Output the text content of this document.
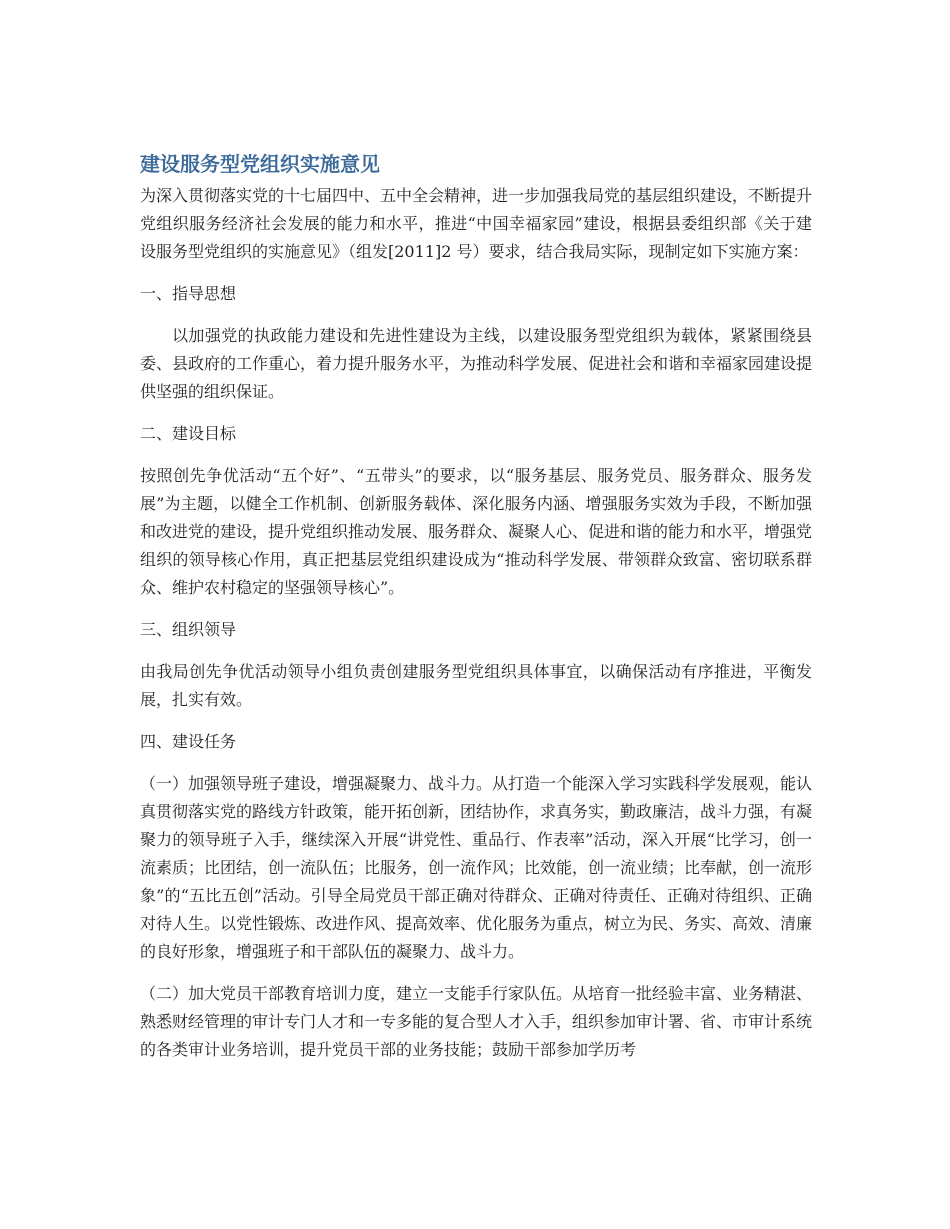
建设服务型党组织实施意见

为深入贯彻落实党的十七届四中、五中全会精神，进一步加强我局党的基层组织建设，不断提升党组织服务经济社会发展的能力和水平，推进“中国幸福家园”建设，根据县委组织部《关于建设服务型党组织的实施意见》（组发[2011]2 号）要求，结合我局实际，现制定如下实施方案：

一、指导思想

以加强党的执政能力建设和先进性建设为主线，以建设服务型党组织为载体，紧紧围绕县委、县政府的工作重心，着力提升服务水平，为推动科学发展、促进社会和谐和幸福家园建设提供坚强的组织保证。

二、建设目标

按照创先争优活动“五个好”、“五带头”的要求，以“服务基层、服务党员、服务群众、服务发展”为主题，以健全工作机制、创新服务载体、深化服务内涵、增强服务实效为手段，不断加强和改进党的建设，提升党组织推动发展、服务群众、凝聚人心、促进和谐的能力和水平，增强党组织的领导核心作用，真正把基层党组织建设成为“推动科学发展、带领群众致富、密切联系群众、维护农村稳定的坚强领导核心”。

三、组织领导

由我局创先争优活动领导小组负责创建服务型党组织具体事宜，以确保活动有序推进，平衡发展，扎实有效。

四、建设任务

（一）加强领导班子建设，增强凝聚力、战斗力。从打造一个能深入学习实践科学发展观，能认真贯彻落实党的路线方针政策，能开拓创新，团结协作，求真务实，勤政廉洁，战斗力强，有凝聚力的领导班子入手，继续深入开展“讲党性、重品行、作表率”活动，深入开展“比学习，创一流素质；比团结，创一流队伍；比服务，创一流作风；比效能，创一流业绩；比奉献，创一流形象”的“五比五创”活动。引导全局党员干部正确对待群众、正确对待责任、正确对待组织、正确对待人生。以党性锻炼、改进作风、提高效率、优化服务为重点，树立为民、务实、高效、清廉的良好形象，增强班子和干部队伍的凝聚力、战斗力。

（二）加大党员干部教育培训力度，建立一支能手行家队伍。从培育一批经验丰富、业务精湛、熟悉财经管理的审计专门人才和一专多能的复合型人才入手，组织参加审计署、省、市审计系统的各类审计业务培训，提升党员干部的业务技能；鼓励干部参加学历考
